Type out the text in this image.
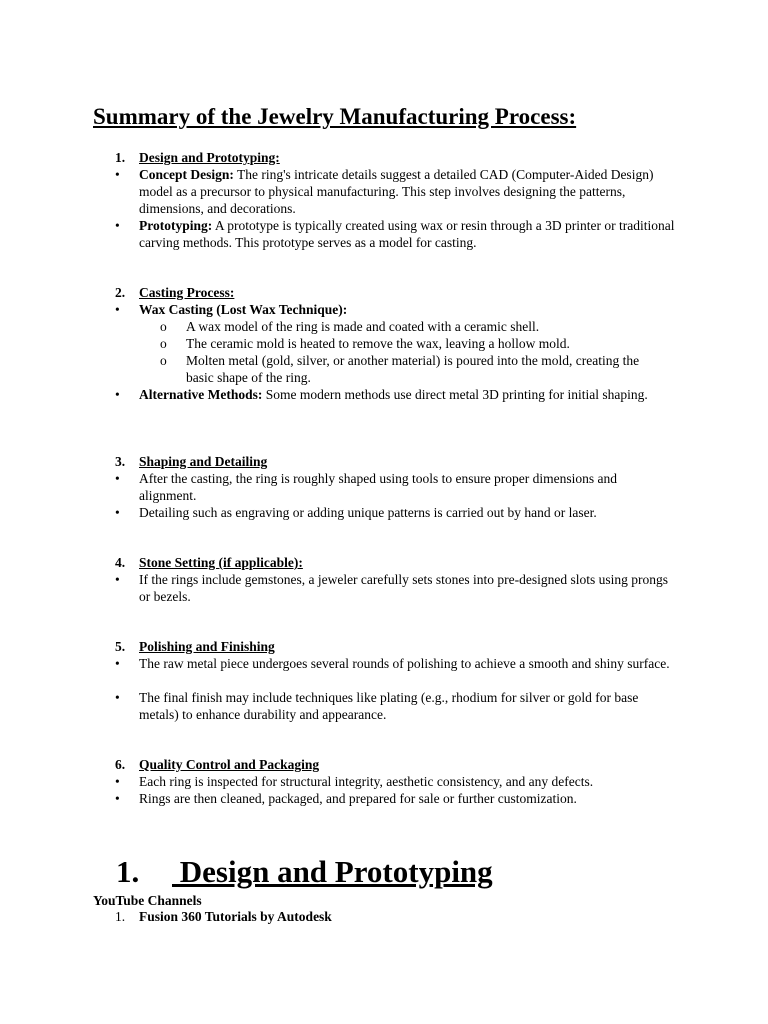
Summary of the Jewelry Manufacturing Process:
1. Design and Prototyping:
•	Concept Design: The ring's intricate details suggest a detailed CAD (Computer-Aided Design) model as a precursor to physical manufacturing. This step involves designing the patterns, dimensions, and decorations.
•	Prototyping: A prototype is typically created using wax or resin through a 3D printer or traditional carving methods. This prototype serves as a model for casting.
2. Casting Process:
•	Wax Casting (Lost Wax Technique):
o A wax model of the ring is made and coated with a ceramic shell.
o The ceramic mold is heated to remove the wax, leaving a hollow mold.
o Molten metal (gold, silver, or another material) is poured into the mold, creating the basic shape of the ring.
•	Alternative Methods: Some modern methods use direct metal 3D printing for initial shaping.
3. Shaping and Detailing
•	After the casting, the ring is roughly shaped using tools to ensure proper dimensions and alignment.
•	Detailing such as engraving or adding unique patterns is carried out by hand or laser.
4. Stone Setting (if applicable):
•	If the rings include gemstones, a jeweler carefully sets stones into pre-designed slots using prongs or bezels.
5. Polishing and Finishing
•	The raw metal piece undergoes several rounds of polishing to achieve a smooth and shiny surface.
•	The final finish may include techniques like plating (e.g., rhodium for silver or gold for base metals) to enhance durability and appearance.
6. Quality Control and Packaging
•	Each ring is inspected for structural integrity, aesthetic consistency, and any defects.
•	Rings are then cleaned, packaged, and prepared for sale or further customization.
1. Design and Prototyping
YouTube Channels
1. Fusion 360 Tutorials by Autodesk
